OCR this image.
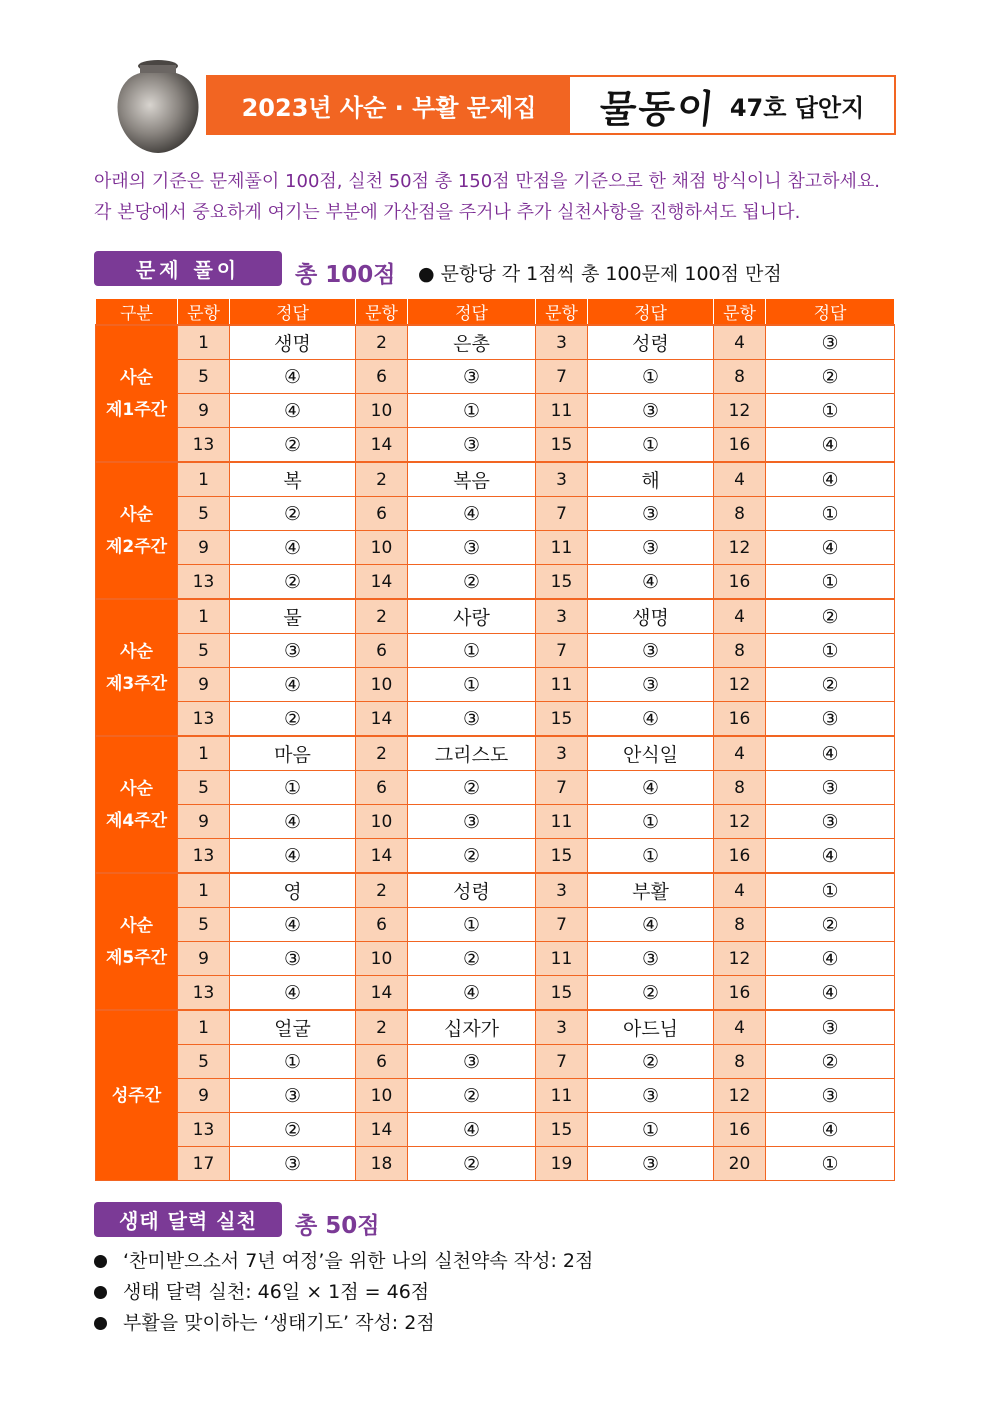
2023년 사순 · 부활 문제집	물동이 47호 답안지
아래의 기준은 문제풀이 100점, 실천 50점 총 150점 만점을 기준으로 한 채점 방식이니 참고하세요.
각 본당에서 중요하게 여기는 부분에 가산점을 주거나 추가 실천사항을 진행하셔도 됩니다.
문제 풀이	총 100점 ● 문항당 각 1점씩 총 100문제 100점 만점
구분	문항	정답	문항	정답	문항	정답	문항	정답

사순
제1주간	1	생명	2	은총	3	성령	4	③
	5	④	6	③	7	①	8	②
	9	④	10	①	11	③	12	①
	13	②	14	③	15	①	16	④

사순
제2주간	1	복	2	복음	3	해	4	④
	5	②	6	④	7	③	8	①
	9	④	10	③	11	③	12	④
	13	②	14	②	15	④	16	①

사순
제3주간	1	물	2	사랑	3	생명	4	②
	5	③	6	①	7	③	8	①
	9	④	10	①	11	③	12	②
	13	②	14	③	15	④	16	③

사순
제4주간	1	마음	2	그리스도	3	안식일	4	④
	5	①	6	②	7	④	8	③
	9	④	10	③	11	①	12	③
	13	④	14	②	15	①	16	④

사순
제5주간	1	영	2	성령	3	부활	4	①
	5	④	6	①	7	④	8	②
	9	③	10	②	11	③	12	④
	13	④	14	④	15	②	16	④

성주간	1	얼굴	2	십자가	3	아드님	4	③
	5	①	6	③	7	②	8	②
	9	③	10	②	11	③	12	③
	13	②	14	④	15	①	16	④
	17	③	18	②	19	③	20	①
생태 달력 실천	총 50점
‘찬미받으소서 7년 여정’을 위한 나의 실천약속 작성: 2점
생태 달력 실천: 46일 × 1점 = 46점
부활을 맞이하는 ‘생태기도’ 작성: 2점
